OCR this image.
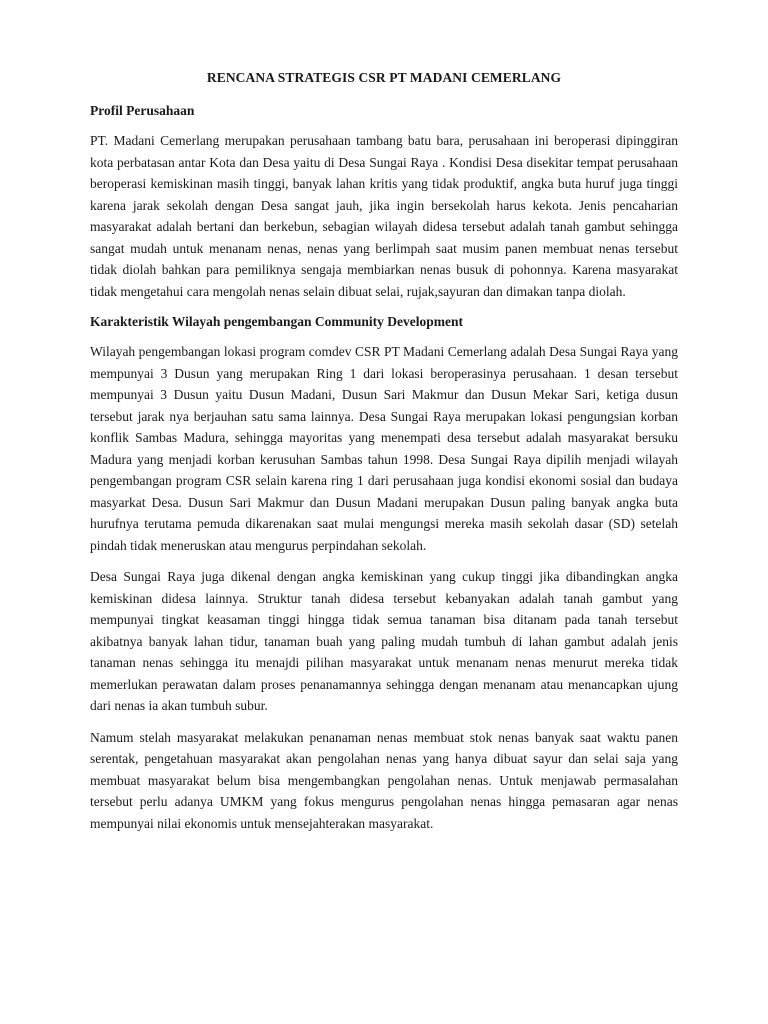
RENCANA STRATEGIS CSR PT MADANI CEMERLANG
Profil Perusahaan

PT. Madani Cemerlang merupakan perusahaan tambang batu bara, perusahaan ini beroperasi dipinggiran kota perbatasan antar Kota dan Desa yaitu di Desa Sungai Raya . Kondisi Desa disekitar tempat perusahaan beroperasi kemiskinan masih tinggi, banyak lahan kritis yang tidak produktif, angka buta huruf juga tinggi karena jarak sekolah dengan Desa sangat jauh, jika ingin bersekolah harus kekota. Jenis pencaharian masyarakat adalah bertani dan berkebun, sebagian wilayah didesa tersebut adalah tanah gambut sehingga sangat mudah untuk menanam nenas, nenas yang berlimpah saat musim panen membuat nenas tersebut tidak diolah bahkan para pemiliknya sengaja membiarkan nenas busuk di pohonnya. Karena masyarakat tidak mengetahui cara mengolah nenas selain dibuat selai, rujak,sayuran dan dimakan tanpa diolah.

Karakteristik Wilayah pengembangan Community Development

Wilayah pengembangan lokasi program comdev CSR PT Madani Cemerlang adalah Desa Sungai Raya yang mempunyai 3 Dusun yang merupakan Ring 1 dari lokasi beroperasinya perusahaan. 1 desan tersebut mempunyai 3 Dusun yaitu Dusun Madani, Dusun Sari Makmur dan Dusun Mekar Sari, ketiga dusun tersebut jarak nya berjauhan satu sama lainnya. Desa Sungai Raya merupakan lokasi pengungsian korban konflik Sambas Madura, sehingga mayoritas yang menempati desa tersebut adalah masyarakat bersuku Madura yang menjadi korban kerusuhan Sambas tahun 1998. Desa Sungai Raya dipilih menjadi wilayah pengembangan program CSR selain karena ring 1 dari perusahaan juga kondisi ekonomi sosial dan budaya masyarkat Desa. Dusun Sari Makmur dan Dusun Madani merupakan Dusun paling banyak angka buta hurufnya terutama pemuda dikarenakan saat mulai mengungsi mereka masih sekolah dasar (SD) setelah pindah tidak meneruskan atau mengurus perpindahan sekolah.

Desa Sungai Raya juga dikenal dengan angka kemiskinan yang cukup tinggi jika dibandingkan angka kemiskinan didesa lainnya. Struktur tanah didesa tersebut kebanyakan adalah tanah gambut yang mempunyai tingkat keasaman tinggi hingga tidak semua tanaman bisa ditanam pada tanah tersebut akibatnya banyak lahan tidur, tanaman buah yang paling mudah tumbuh di lahan gambut adalah jenis tanaman nenas sehingga itu menajdi pilihan masyarakat untuk menanam nenas menurut mereka tidak memerlukan perawatan dalam proses penanamannya sehingga dengan menanam atau menancapkan ujung dari nenas ia akan tumbuh subur.

Namum stelah masyarakat melakukan penanaman nenas membuat stok nenas banyak saat waktu panen serentak, pengetahuan masyarakat akan pengolahan nenas yang hanya dibuat sayur dan selai saja yang membuat masyarakat belum bisa mengembangkan pengolahan nenas. Untuk menjawab permasalahan tersebut perlu adanya UMKM yang fokus mengurus pengolahan nenas hingga pemasaran agar nenas mempunyai nilai ekonomis untuk mensejahterakan masyarakat.
